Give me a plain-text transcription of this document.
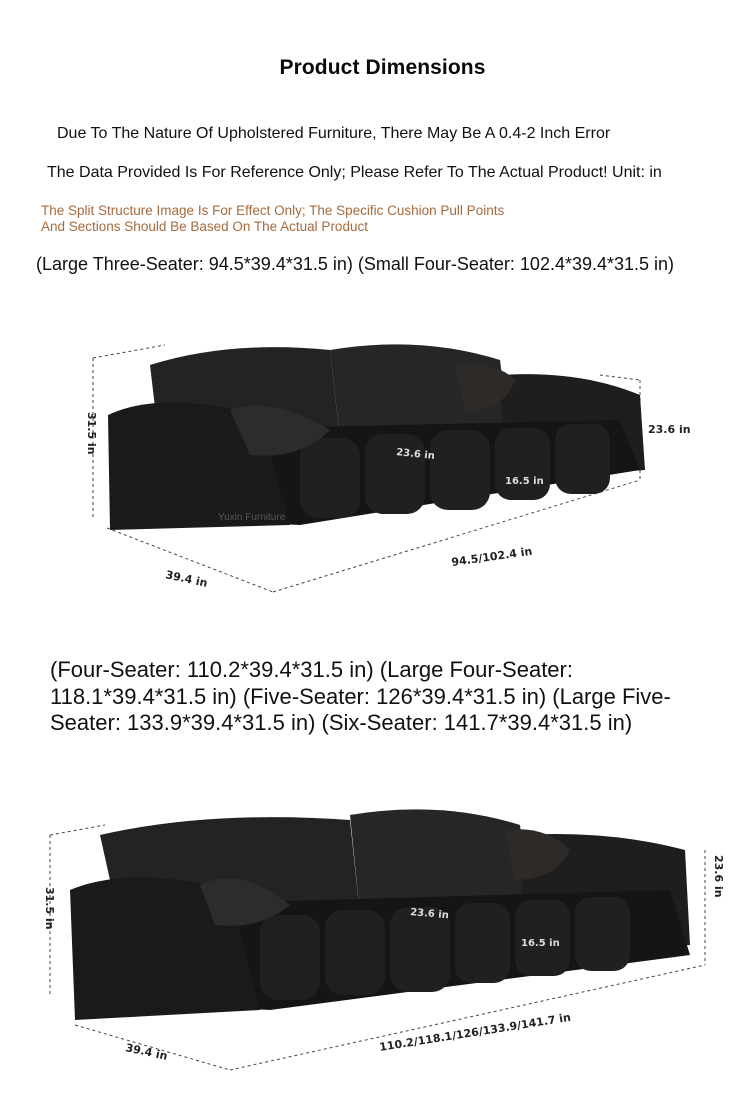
Product Dimensions
Due To The Nature Of Upholstered Furniture, There May Be A 0.4-2 Inch Error
The Data Provided Is For Reference Only; Please Refer To The Actual Product! Unit: in
The Split Structure Image Is For Effect Only; The Specific Cushion Pull Points
And Sections Should Be Based On The Actual Product
(Large Three-Seater: 94.5*39.4*31.5 in) (Small Four-Seater: 102.4*39.4*31.5 in)
31.5 in	23.6 in
39.4 in
94.5/102.4 in
23.6 in
16.5 in
Yuxin Furniture
(Four-Seater: 110.2*39.4*31.5 in) (Large Four-Seater: 118.1*39.4*31.5 in) (Five-Seater: 126*39.4*31.5 in) (Large Five-Seater: 133.9*39.4*31.5 in) (Six-Seater: 141.7*39.4*31.5 in)
31.5 in
23.6 in
39.4 in	110.2/118.1/126/133.9/141.7 in
23.6 in
16.5 in
